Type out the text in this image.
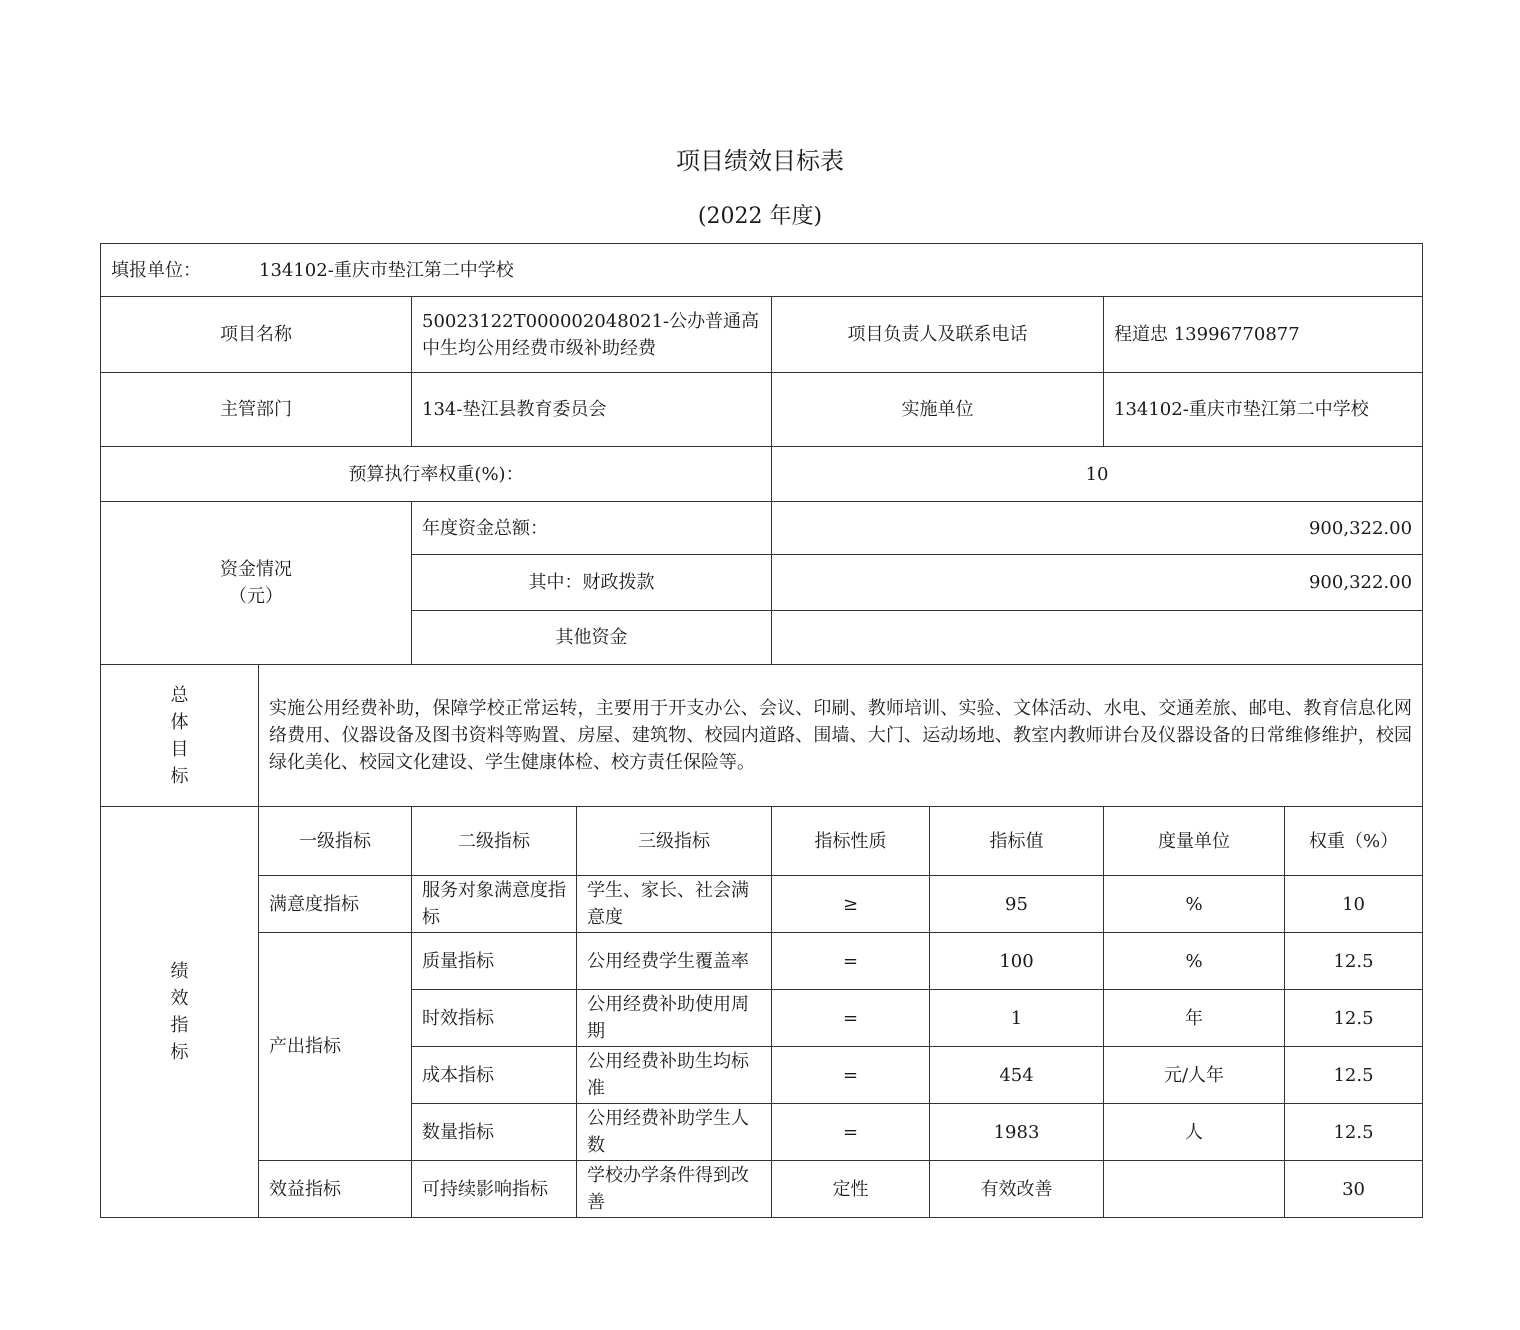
项目绩效目标表
(2022 年度)
填报单位： 134102-重庆市垫江第二中学校							
项目名称		50023122T000002048021-公办普通高中生均公用经费市级补助经费		项目负责人及联系电话		程道忠 13996770877	
主管部门		134-垫江县教育委员会		实施单位		134102-重庆市垫江第二中学校	
预算执行率权重(%)：				10			

资金情况
（元）		年度资金总额：		900,322.00			
		其中：财政拨款		900,322.00			
		其他资金					

总
体
目
标	实施公用经费补助，保障学校正常运转，主要用于开支办公、会议、印刷、教师培训、实验、文体活动、水电、交通差旅、邮电、教育信息化网络费用、仪器设备及图书资料等购置、房屋、建筑物、校园内道路、围墙、大门、运动场地、教室内教师讲台及仪器设备的日常维修维护，校园绿化美化、校园文化建设、学生健康体检、校方责任保险等。						

绩
效
指
标	一级指标	二级指标	三级指标	指标性质	指标值	度量单位	权重（%）
	满意度指标	服务对象满意度指标	学生、家长、社会满意度	≥	95	%	10
	产出指标	质量指标	公用经费学生覆盖率	=	100	%	12.5
		时效指标	公用经费补助使用周期	=	1	年	12.5
		成本指标	公用经费补助生均标准	=	454	元/人年	12.5
		数量指标	公用经费补助学生人数	=	1983	人	12.5
	效益指标	可持续影响指标	学校办学条件得到改善	定性	有效改善		30
